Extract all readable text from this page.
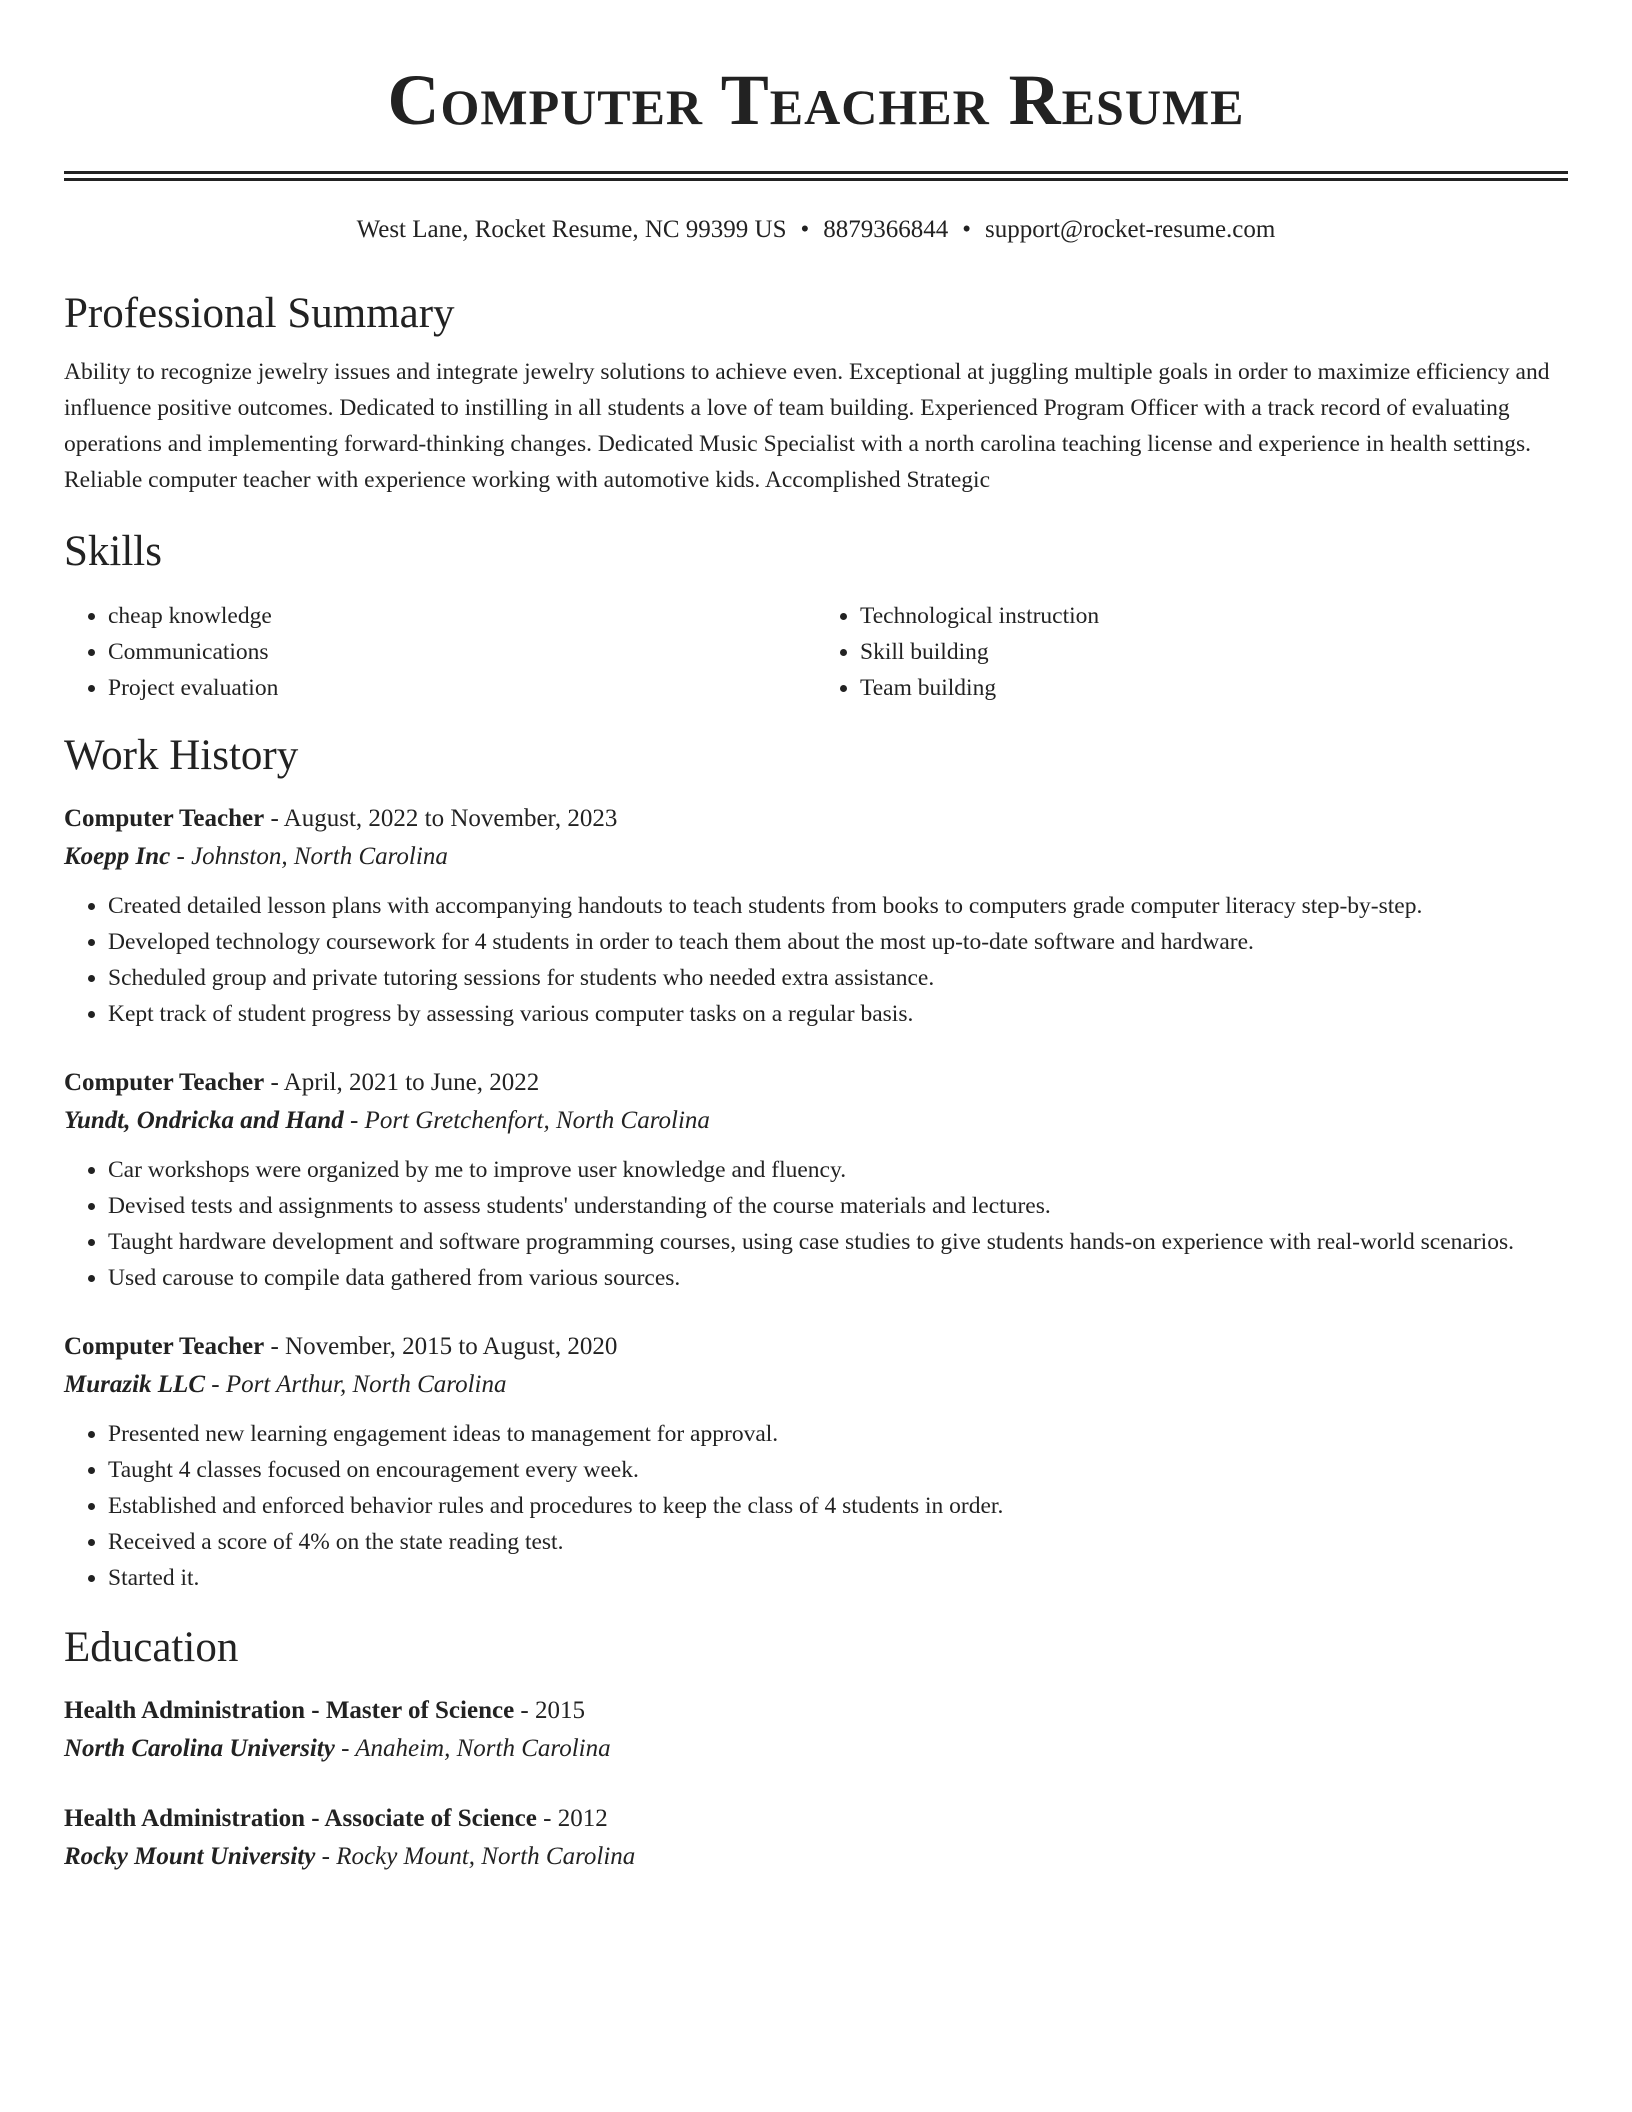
Computer Teacher Resume
West Lane, Rocket Resume, NC 99399 US • 8879366844 • support@rocket-resume.com
Professional Summary

Ability to recognize jewelry issues and integrate jewelry solutions to achieve even. Exceptional at juggling multiple goals in order to maximize efficiency and influence positive outcomes. Dedicated to instilling in all students a love of team building. Experienced Program Officer with a track record of evaluating operations and implementing forward-thinking changes. Dedicated Music Specialist with a north carolina teaching license and experience in health settings. Reliable computer teacher with experience working with automotive kids. Accomplished Strategic

Skills
• cheap knowledge
• Communications
• Project evaluation
• Technological instruction
• Skill building
• Team building
Work History
Computer Teacher - August, 2022 to November, 2023
Koepp Inc - Johnston, North Carolina
• Created detailed lesson plans with accompanying handouts to teach students from books to computers grade computer literacy step-by-step.
• Developed technology coursework for 4 students in order to teach them about the most up-to-date software and hardware.
• Scheduled group and private tutoring sessions for students who needed extra assistance.
• Kept track of student progress by assessing various computer tasks on a regular basis.
Computer Teacher - April, 2021 to June, 2022
Yundt, Ondricka and Hand - Port Gretchenfort, North Carolina
• Car workshops were organized by me to improve user knowledge and fluency.
• Devised tests and assignments to assess students' understanding of the course materials and lectures.
• Taught hardware development and software programming courses, using case studies to give students hands-on experience with real-world scenarios.
• Used carouse to compile data gathered from various sources.
Computer Teacher - November, 2015 to August, 2020
Murazik LLC - Port Arthur, North Carolina
• Presented new learning engagement ideas to management for approval.
• Taught 4 classes focused on encouragement every week.
• Established and enforced behavior rules and procedures to keep the class of 4 students in order.
• Received a score of 4% on the state reading test.
• Started it.
Education
Health Administration - Master of Science - 2015
North Carolina University - Anaheim, North Carolina
Health Administration - Associate of Science - 2012
Rocky Mount University - Rocky Mount, North Carolina
